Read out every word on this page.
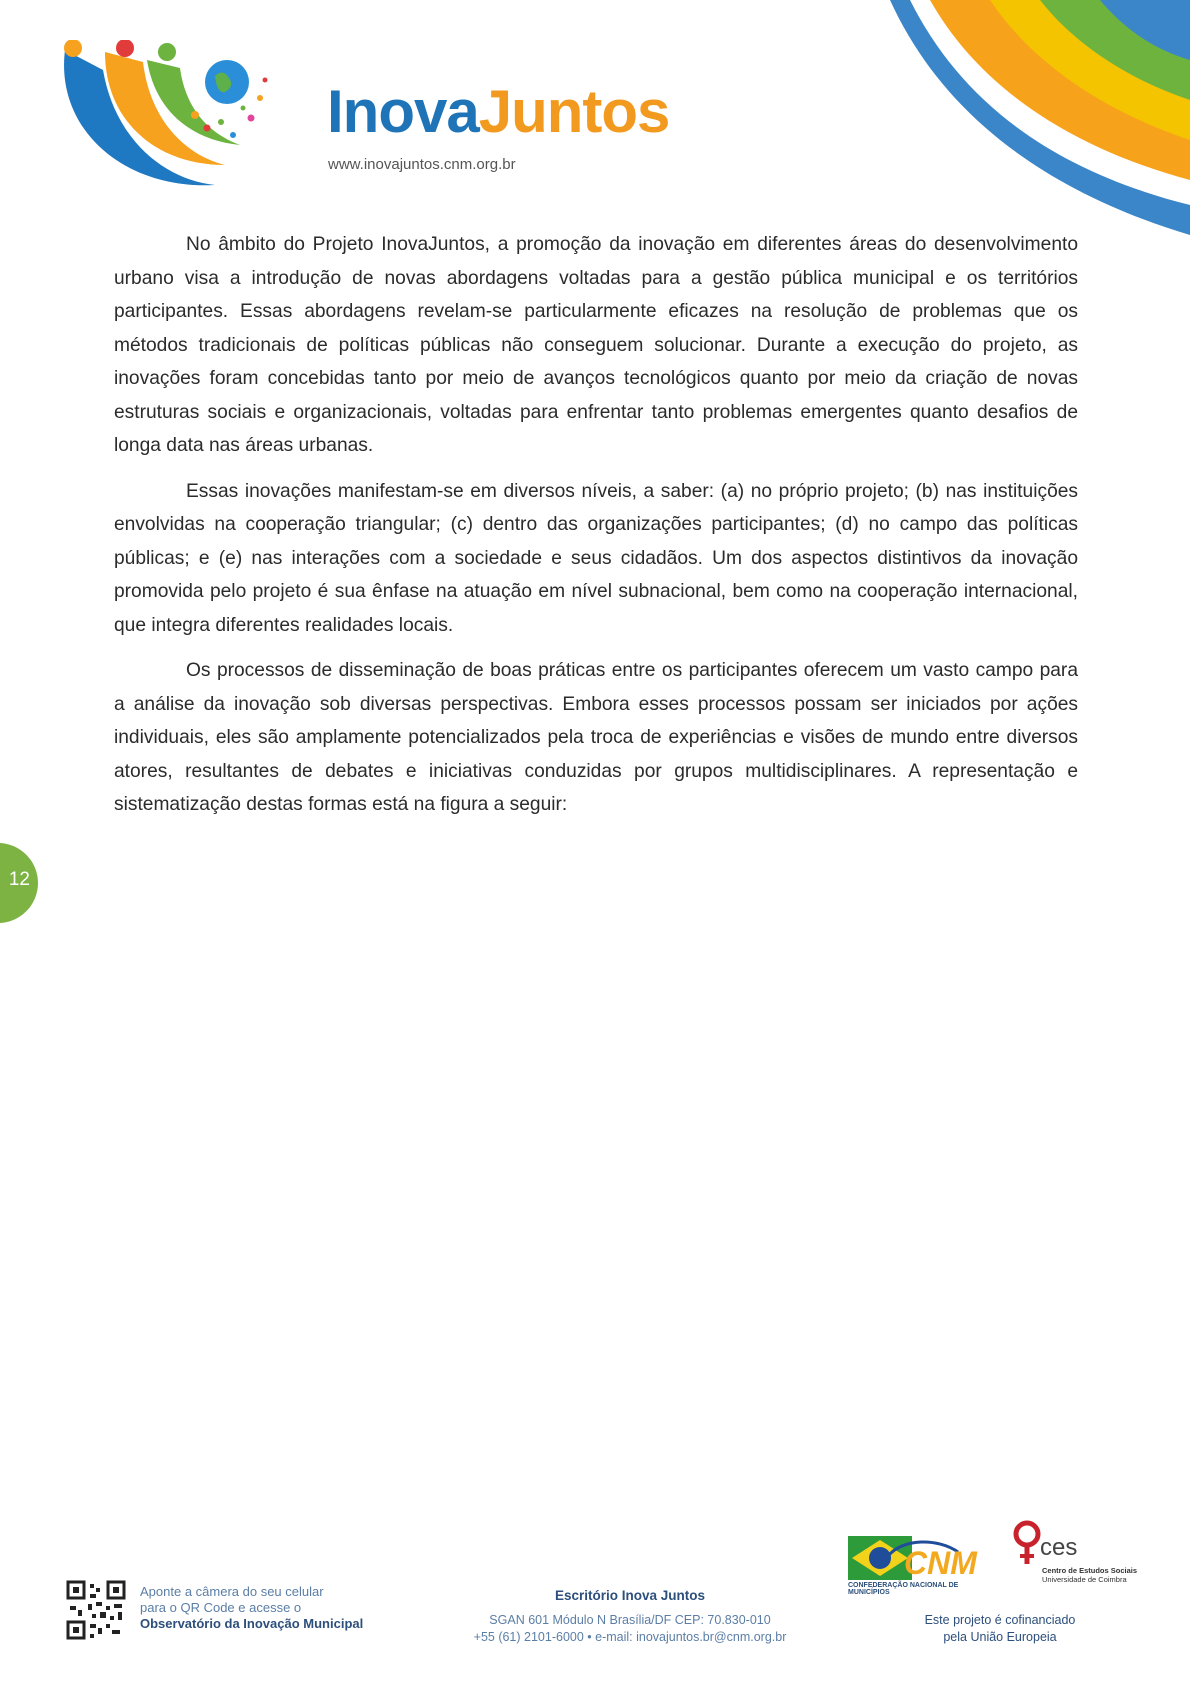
InovaJuntos
www.inovajuntos.cnm.org.br

No âmbito do Projeto InovaJuntos, a promoção da inovação em diferentes áreas do desenvolvimento urbano visa a introdução de novas abordagens voltadas para a gestão pública municipal e os territórios participantes. Essas abordagens revelam-se particularmente eficazes na resolução de problemas que os métodos tradicionais de políticas públicas não conseguem solucionar. Durante a execução do projeto, as inovações foram concebidas tanto por meio de avanços tecnológicos quanto por meio da criação de novas estruturas sociais e organizacionais, voltadas para enfrentar tanto problemas emergentes quanto desafios de longa data nas áreas urbanas.

Essas inovações manifestam-se em diversos níveis, a saber: (a) no próprio projeto; (b) nas instituições envolvidas na cooperação triangular; (c) dentro das organizações participantes; (d) no campo das políticas públicas; e (e) nas interações com a sociedade e seus cidadãos. Um dos aspectos distintivos da inovação promovida pelo projeto é sua ênfase na atuação em nível subnacional, bem como na cooperação internacional, que integra diferentes realidades locais.

Os processos de disseminação de boas práticas entre os participantes oferecem um vasto campo para a análise da inovação sob diversas perspectivas. Embora esses processos possam ser iniciados por ações individuais, eles são amplamente potencializados pela troca de experiências e visões de mundo entre diversos atores, resultantes de debates e iniciativas conduzidas por grupos multidisciplinares. A representação e sistematização destas formas está na figura a seguir:

12
Aponte a câmera do seu celular
para o QR Code e acesse o
Observatório da Inovação Municipal
Escritório Inova Juntos
SGAN 601 Módulo N Brasília/DF CEP: 70.830-010
+55 (61) 2101-6000 • e-mail: inovajuntos.br@cnm.org.br
CNM
CONFEDERAÇÃO NACIONAL DE MUNICÍPIOS
ces
Centro de Estudos Sociais
Universidade de Coimbra
Este projeto é cofinanciado
pela União Europeia
